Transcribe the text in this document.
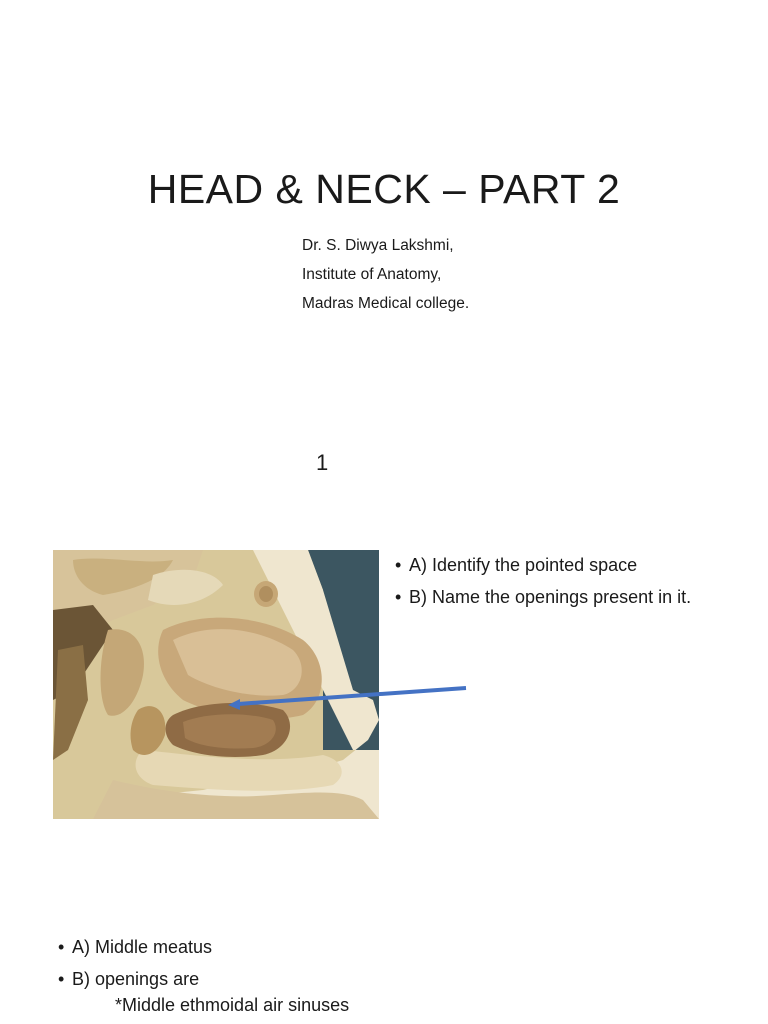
HEAD & NECK – PART 2
Dr. S. Diwya Lakshmi,
Institute of Anatomy,
Madras Medical college.
1
• A) Identify the pointed space
• B) Name the openings present in it.
• A) Middle meatus
• B) openings are
*Middle ethmoidal air sinuses
